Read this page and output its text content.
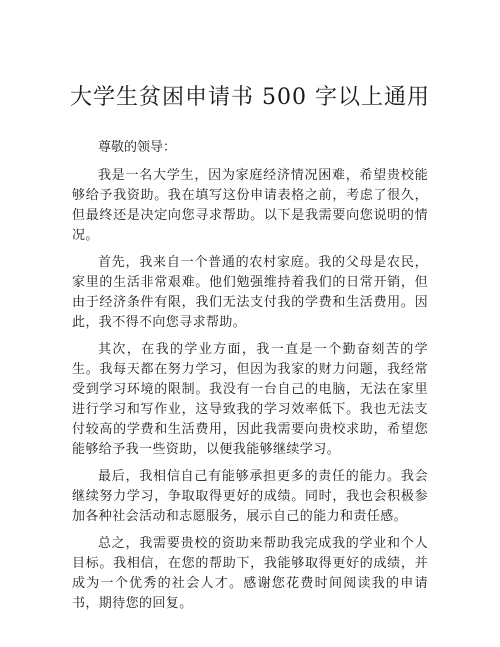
大学生贫困申请书 500 字以上通用

尊敬的领导：

我是一名大学生，因为家庭经济情况困难，希望贵校能够给予我资助。我在填写这份申请表格之前，考虑了很久，但最终还是决定向您寻求帮助。以下是我需要向您说明的情况。

首先，我来自一个普通的农村家庭。我的父母是农民，家里的生活非常艰难。他们勉强维持着我们的日常开销，但由于经济条件有限，我们无法支付我的学费和生活费用。因此，我不得不向您寻求帮助。

其次，在我的学业方面，我一直是一个勤奋刻苦的学生。我每天都在努力学习，但因为我家的财力问题，我经常受到学习环境的限制。我没有一台自己的电脑，无法在家里进行学习和写作业，这导致我的学习效率低下。我也无法支付较高的学费和生活费用，因此我需要向贵校求助，希望您能够给予我一些资助，以便我能够继续学习。

最后，我相信自己有能够承担更多的责任的能力。我会继续努力学习，争取取得更好的成绩。同时，我也会积极参加各种社会活动和志愿服务，展示自己的能力和责任感。

总之，我需要贵校的资助来帮助我完成我的学业和个人目标。我相信，在您的帮助下，我能够取得更好的成绩，并成为一个优秀的社会人才。感谢您花费时间阅读我的申请书，期待您的回复。
